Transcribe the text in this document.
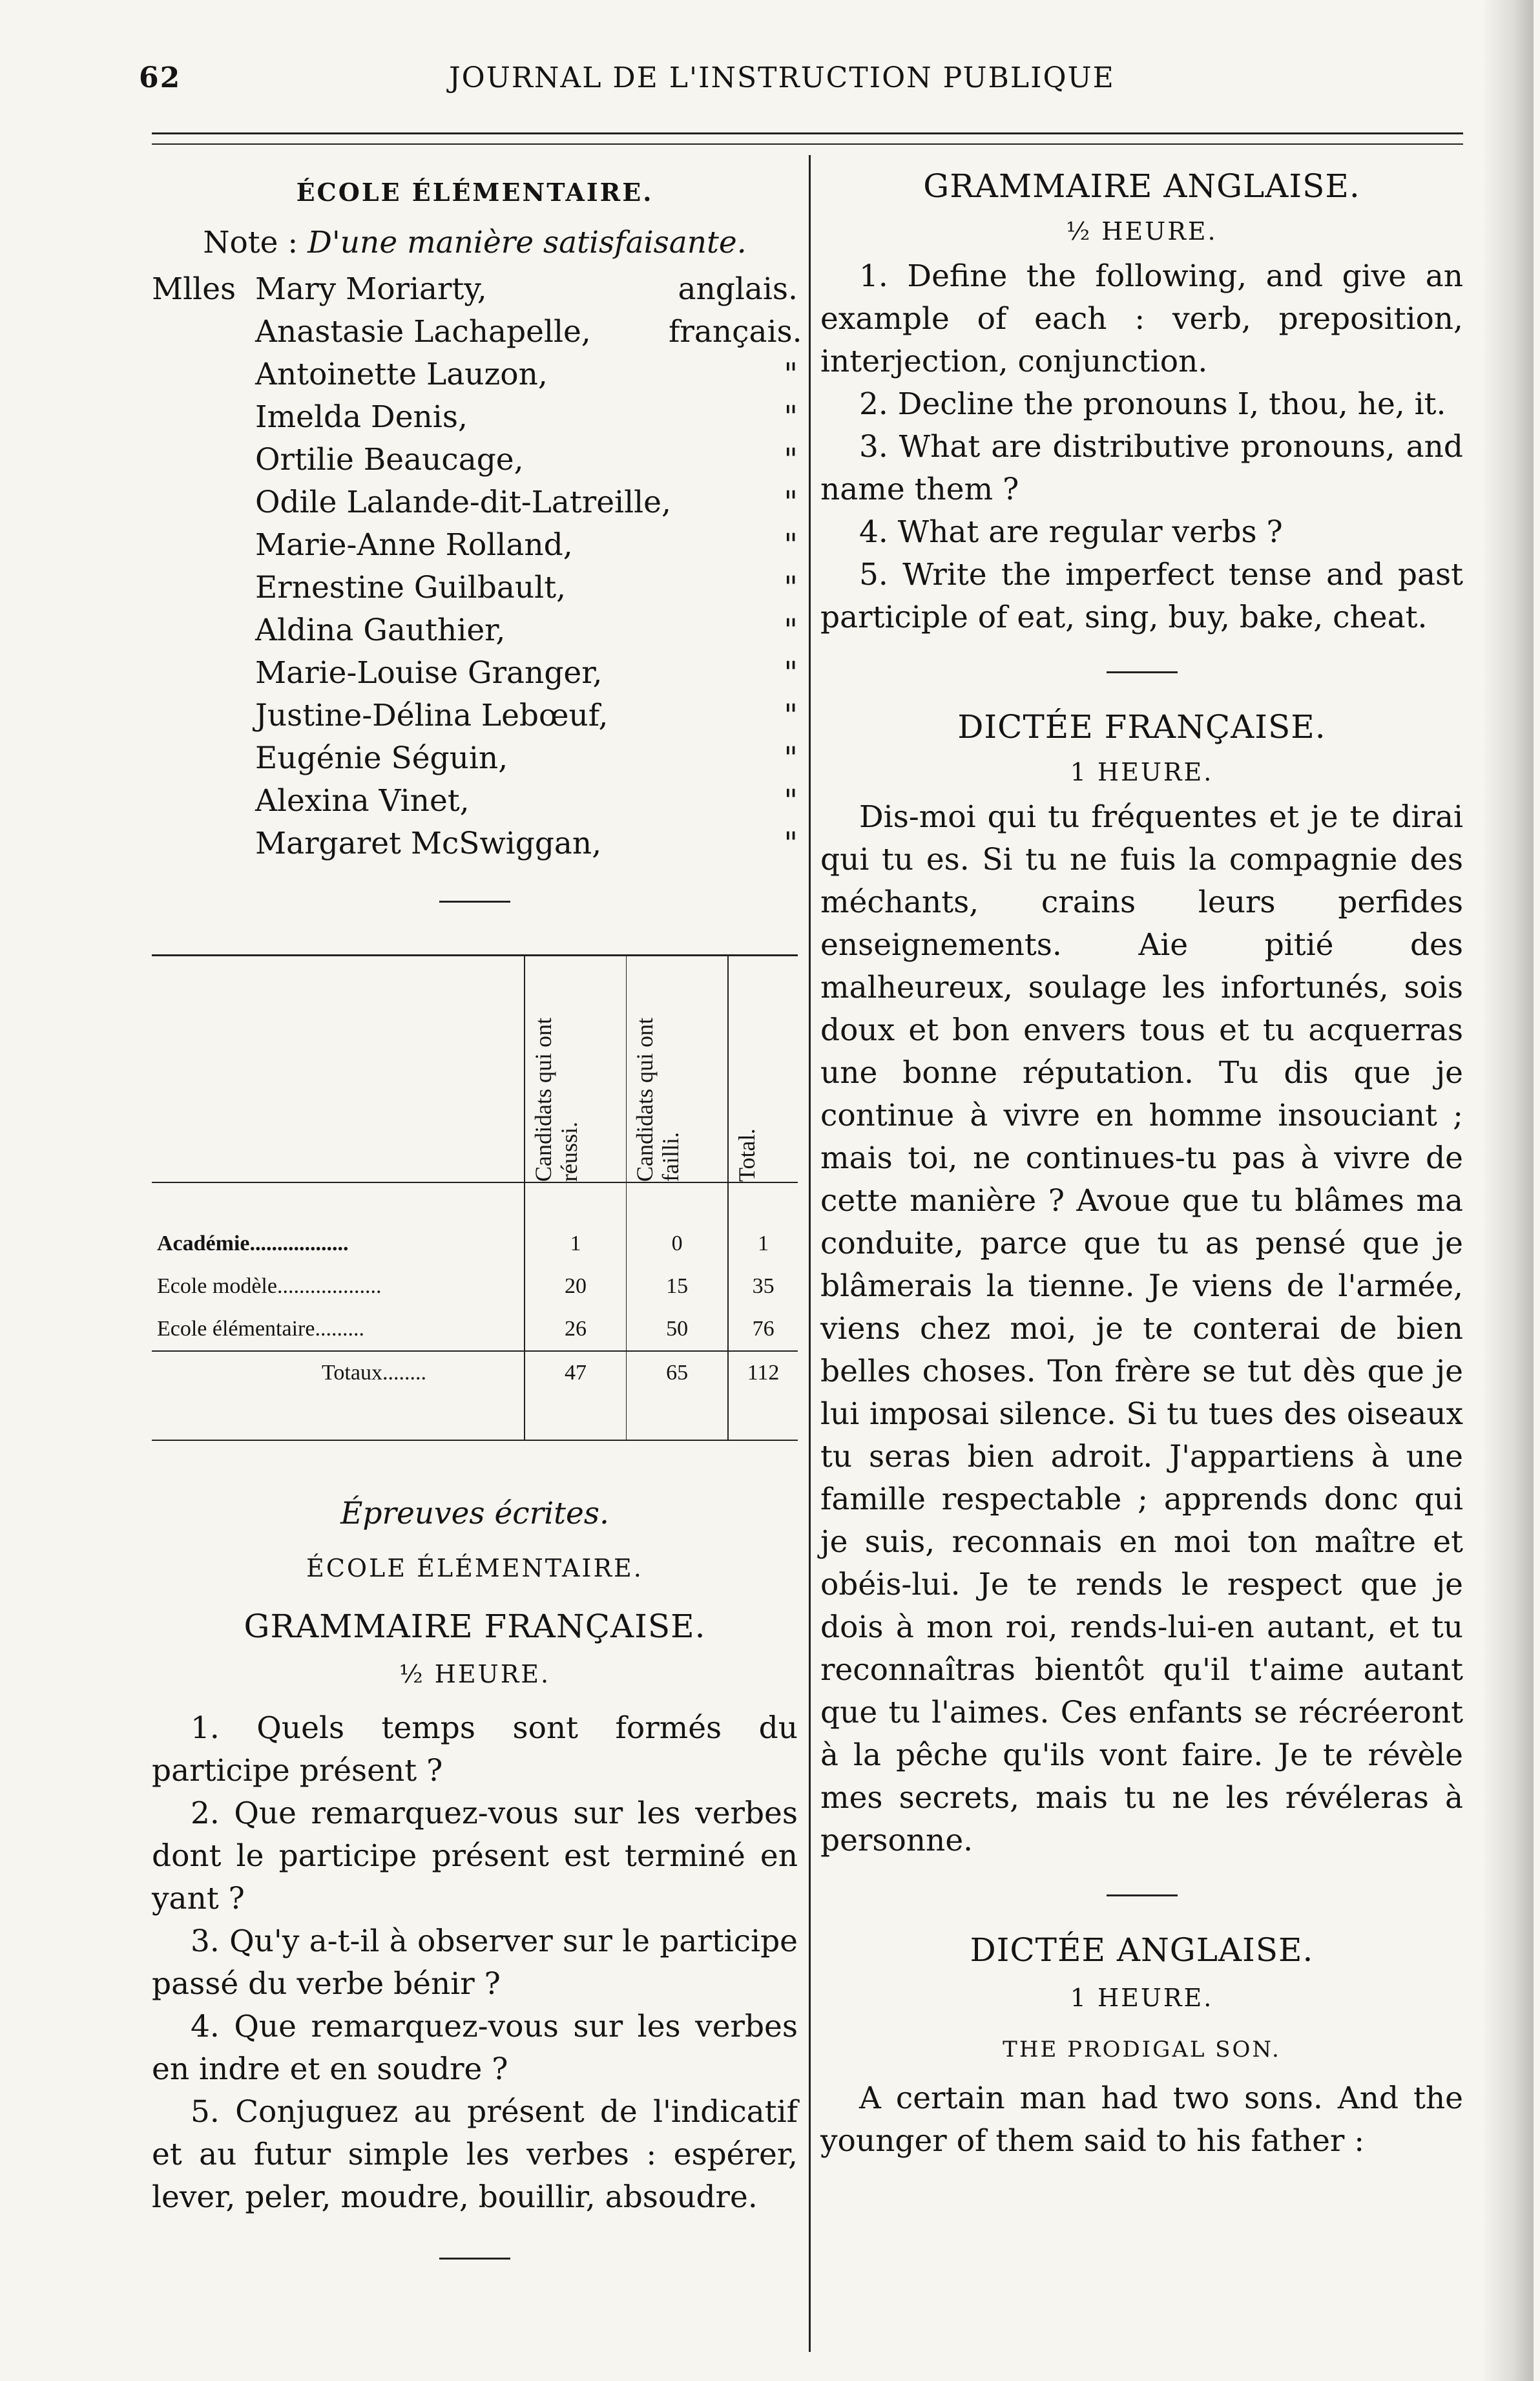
62	JOURNAL DE L'INSTRUCTION PUBLIQUE
ÉCOLE ÉLÉMENTAIRE.
Note : D'une manière satisfaisante.
Mlles Mary Moriarty,	anglais.
Anastasie Lachapelle,	français.
Antoinette Lauzon,	"
Imelda Denis,	"
Ortilie Beaucage,	"
Odile Lalande-dit-Latreille,	"
Marie-Anne Rolland,	"
Ernestine Guilbault,	"
Aldina Gauthier,	"
Marie-Louise Granger,	"
Justine-Délina Lebœuf,	"
Eugénie Séguin,	"
Alexina Vinet,	"
Margaret McSwiggan,	"

	Candidats qui ont réussi.	Candidats qui ont failli.	Total.

Académie..................	1	0	1
Ecole modèle...................	20	15	35
Ecole élémentaire.........	26	50	76
Totaux........	47	65	112

Épreuves écrites.
ÉCOLE ÉLÉMENTAIRE.
GRAMMAIRE FRANÇAISE.
½ HEURE.

1. Quels temps sont formés du participe présent ?

2. Que remarquez-vous sur les verbes dont le participe présent est terminé en yant ?

3. Qu'y a-t-il à observer sur le participe passé du verbe bénir ?

4. Que remarquez-vous sur les verbes en indre et en soudre ?

5. Conjuguez au présent de l'indicatif et au futur simple les verbes : espérer, lever, peler, moudre, bouillir, absoudre.

GRAMMAIRE ANGLAISE.
½ HEURE.

1. Define the following, and give an example of each : verb, preposition, interjection, conjunction.

2. Decline the pronouns I, thou, he, it.

3. What are distributive pronouns, and name them ?

4. What are regular verbs ?

5. Write the imperfect tense and past participle of eat, sing, buy, bake, cheat.

DICTÉE FRANÇAISE.
1 HEURE.

Dis-moi qui tu fréquentes et je te dirai qui tu es. Si tu ne fuis la compagnie des méchants, crains leurs perfides enseignements. Aie pitié des malheureux, soulage les infortunés, sois doux et bon envers tous et tu acquerras une bonne réputation. Tu dis que je continue à vivre en homme insouciant ; mais toi, ne continues-tu pas à vivre de cette manière ? Avoue que tu blâmes ma conduite, parce que tu as pensé que je blâmerais la tienne. Je viens de l'armée, viens chez moi, je te conterai de bien belles choses. Ton frère se tut dès que je lui imposai silence. Si tu tues des oiseaux tu seras bien adroit. J'appartiens à une famille respectable ; apprends donc qui je suis, reconnais en moi ton maître et obéis-lui. Je te rends le respect que je dois à mon roi, rends-lui-en autant, et tu reconnaîtras bientôt qu'il t'aime autant que tu l'aimes. Ces enfants se récréeront à la pêche qu'ils vont faire. Je te révèle mes secrets, mais tu ne les révéleras à personne.

DICTÉE ANGLAISE.
1 HEURE.
THE PRODIGAL SON.

A certain man had two sons. And the younger of them said to his father :
